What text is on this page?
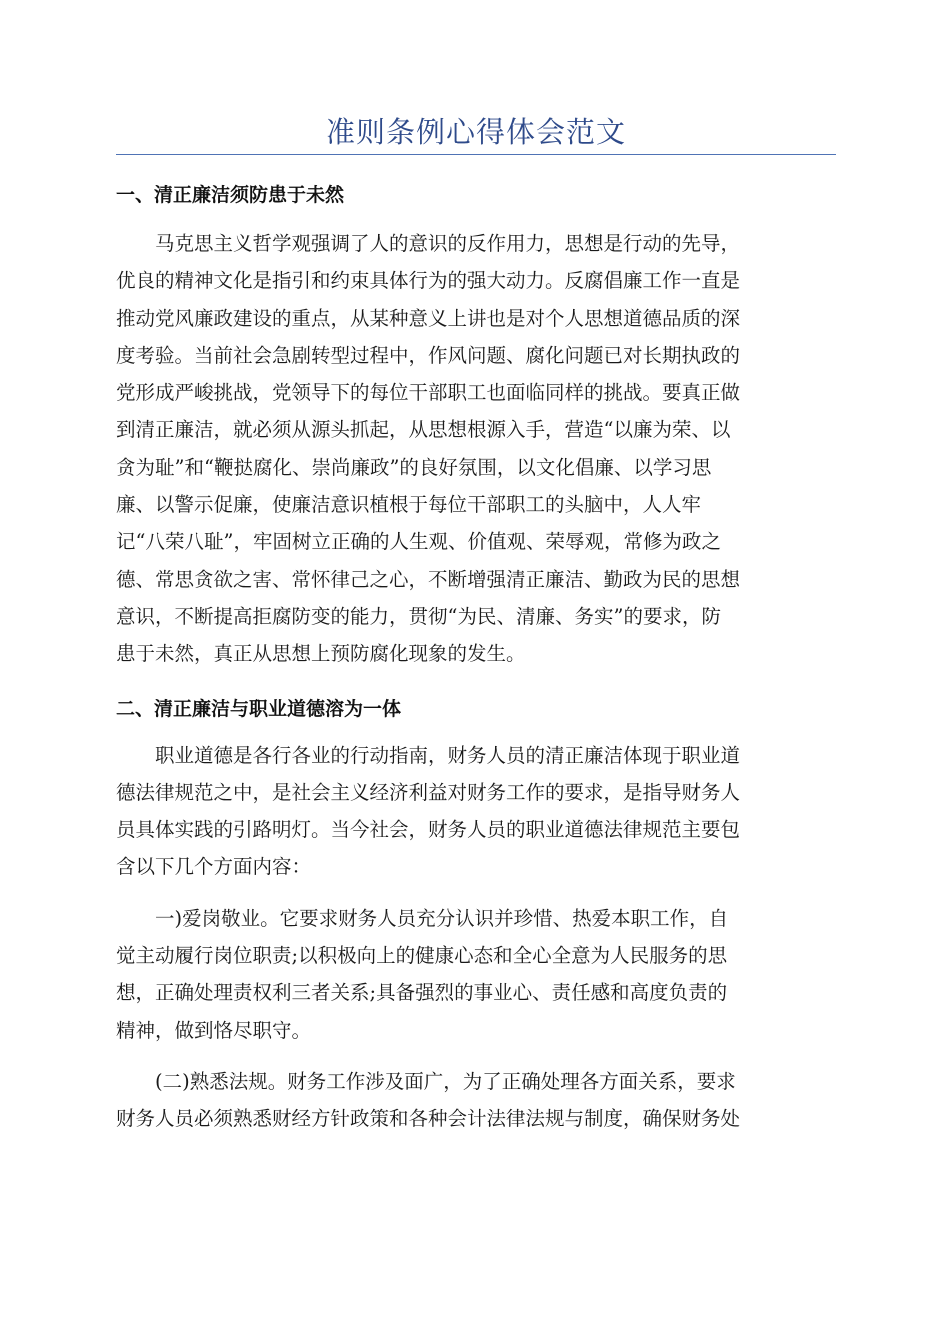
准则条例心得体会范文
一、清正廉洁须防患于未然

马克思主义哲学观强调了人的意识的反作用力，思想是行动的先导，
优良的精神文化是指引和约束具体行为的强大动力。反腐倡廉工作一直是
推动党风廉政建设的重点，从某种意义上讲也是对个人思想道德品质的深
度考验。当前社会急剧转型过程中，作风问题、腐化问题已对长期执政的
党形成严峻挑战，党领导下的每位干部职工也面临同样的挑战。要真正做
到清正廉洁，就必须从源头抓起，从思想根源入手，营造“以廉为荣、以
贪为耻”和“鞭挞腐化、崇尚廉政”的良好氛围，以文化倡廉、以学习思
廉、以警示促廉，使廉洁意识植根于每位干部职工的头脑中，人人牢
记“八荣八耻”，牢固树立正确的人生观、价值观、荣辱观，常修为政之
德、常思贪欲之害、常怀律己之心，不断增强清正廉洁、勤政为民的思想
意识，不断提高拒腐防变的能力，贯彻“为民、清廉、务实”的要求，防
患于未然，真正从思想上预防腐化现象的发生。

二、清正廉洁与职业道德溶为一体

职业道德是各行各业的行动指南，财务人员的清正廉洁体现于职业道
德法律规范之中，是社会主义经济利益对财务工作的要求，是指导财务人
员具体实践的引路明灯。当今社会，财务人员的职业道德法律规范主要包
含以下几个方面内容：

一)爱岗敬业。它要求财务人员充分认识并珍惜、热爱本职工作，自
觉主动履行岗位职责;以积极向上的健康心态和全心全意为人民服务的思
想，正确处理责权利三者关系;具备强烈的事业心、责任感和高度负责的
精神，做到恪尽职守。

(二)熟悉法规。财务工作涉及面广，为了正确处理各方面关系，要求
财务人员必须熟悉财经方针政策和各种会计法律法规与制度，确保财务处
